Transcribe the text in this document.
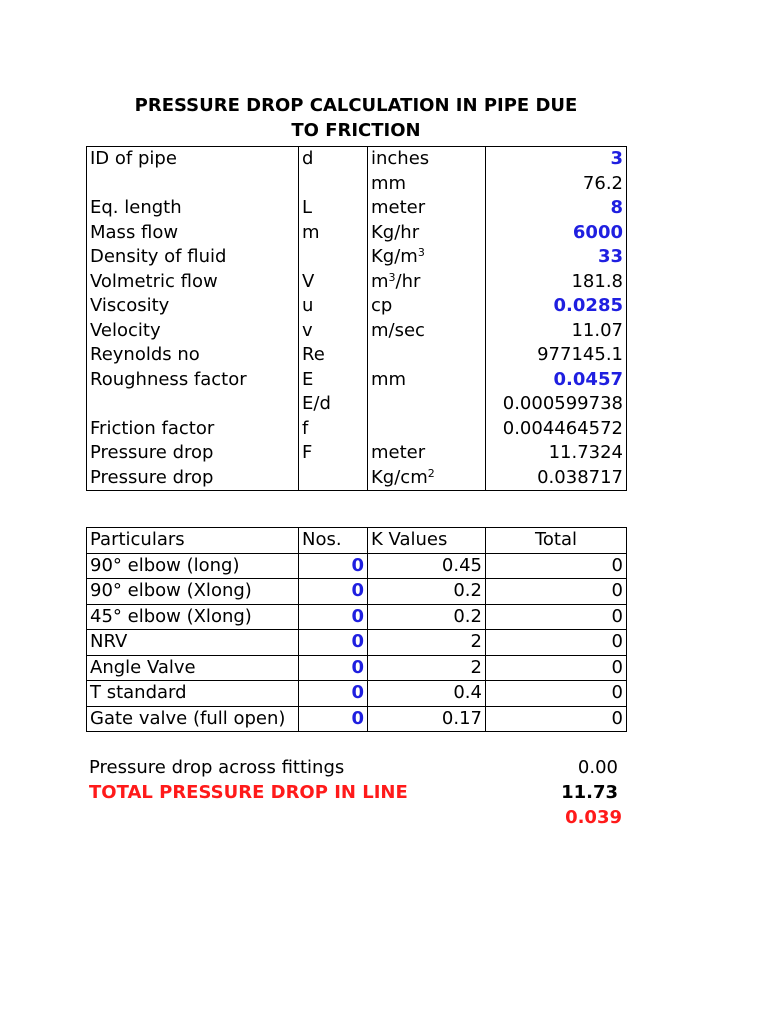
PRESSURE DROP CALCULATION IN PIPE DUE
TO FRICTION
ID of pipe	d	inches	3
		mm	76.2
Eq. length	L	meter	8
Mass flow	m	Kg/hr	6000
Density of fluid		$Kg/m^3$	33
Volmetric flow	V	$m^3/hr$	181.8
Viscosity	u	cp	0.0285
Velocity	v	m/sec	11.07
Reynolds no	Re		977145.1
Roughness factor	E	mm	0.0457
	E/d		0.000599738
Friction factor	f		0.004464572
Pressure drop	F	meter	11.7324
Pressure drop		$Kg/cm^2$	0.038717
Particulars	Nos.	K Values	Total
90° elbow (long)	0	0.45	0
90° elbow (Xlong)	0	0.2	0
45° elbow (Xlong)	0	0.2	0
NRV	0	2	0
Angle Valve	0	2	0
T standard	0	0.4	0
Gate valve (full open)	0	0.17	0
Pressure drop across fittings	0.00
TOTAL PRESSURE DROP IN LINE	11.73
0.039
